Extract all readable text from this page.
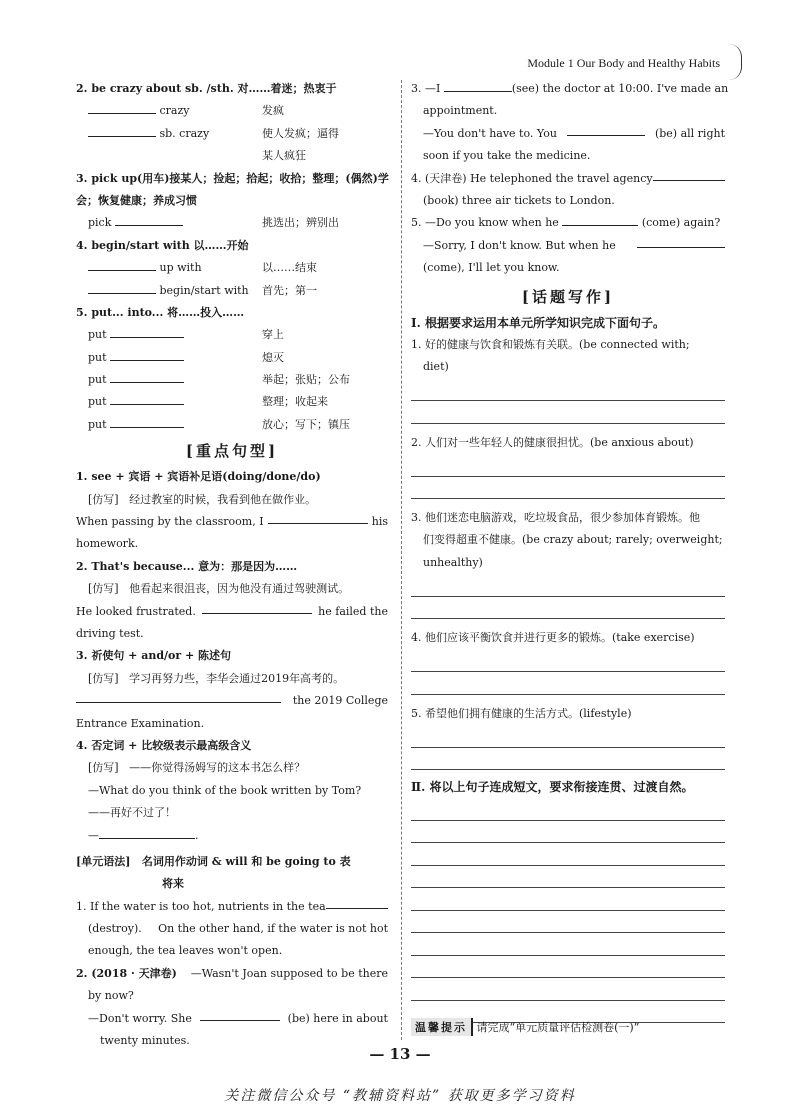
Module 1 Our Body and Healthy Habits
2. be crazy about sb. /sth. 对……着迷；热衷于
crazy	发疯
sb. crazy	使人发疯；逼得
某人疯狂
3. pick up(用车)接某人；捡起；拾起；收拾；整理；(偶然)学
会；恢复健康；养成习惯
pick	挑选出；辨别出
4. begin/start with 以……开始
up with	以……结束
begin/start with 首先；第一
5. put... into... 将……投入……
put	穿上
put	熄灭
put	举起；张贴；公布
put	整理；收起来
put	放心；写下；镇压
[重点句型]
1. see + 宾语 + 宾语补足语(doing/done/do)
[仿写] 经过教室的时候，我看到他在做作业。
When passing by the classroom, I	his
homework.
2. That's because... 意为：那是因为……
[仿写] 他看起来很沮丧，因为他没有通过驾驶测试。
He looked frustrated.	he failed the
driving test.
3. 祈使句 + and/or + 陈述句
[仿写] 学习再努力些，李华会通过2019年高考的。
the 2019 College
Entrance Examination.
4. 否定词 + 比较级表示最高级含义
[仿写] ——你觉得汤姆写的这本书怎么样？
—What do you think of the book written by Tom?
——再好不过了！
—	.
[单元语法] 名词用作动词 & will 和 be going to 表
将来
1. If the water is too hot, nutrients in the tea
(destroy). On the other hand, if the water is not hot
enough, the tea leaves won't open.
2. (2018 · 天津卷) —Wasn't Joan supposed to be there
by now?
—Don't worry. She	(be) here in about
twenty minutes.
3. —I	(see) the doctor at 10:00. I've made an
appointment.
—You don't have to. You	(be) all right
soon if you take the medicine.
4. (天津卷) He telephoned the travel agency
(book) three air tickets to London.
5. —Do you know when he	(come) again?
—Sorry, I don't know. But when he
(come), I'll let you know.
[话题写作]
Ⅰ. 根据要求运用本单元所学知识完成下面句子。
1. 好的健康与饮食和锻炼有关联。(be connected with;
diet)
2. 人们对一些年轻人的健康很担忧。(be anxious about)
3. 他们迷恋电脑游戏，吃垃圾食品，很少参加体育锻炼。他
们变得超重不健康。(be crazy about; rarely; overweight;
unhealthy)
4. 他们应该平衡饮食并进行更多的锻炼。(take exercise)
5. 希望他们拥有健康的生活方式。(lifestyle)
Ⅱ. 将以上句子连成短文，要求衔接连贯、过渡自然。
温馨提示 请完成“单元质量评估检测卷(一)”
— 13 —
关注微信公众号 “教辅资料站” 获取更多学习资料
